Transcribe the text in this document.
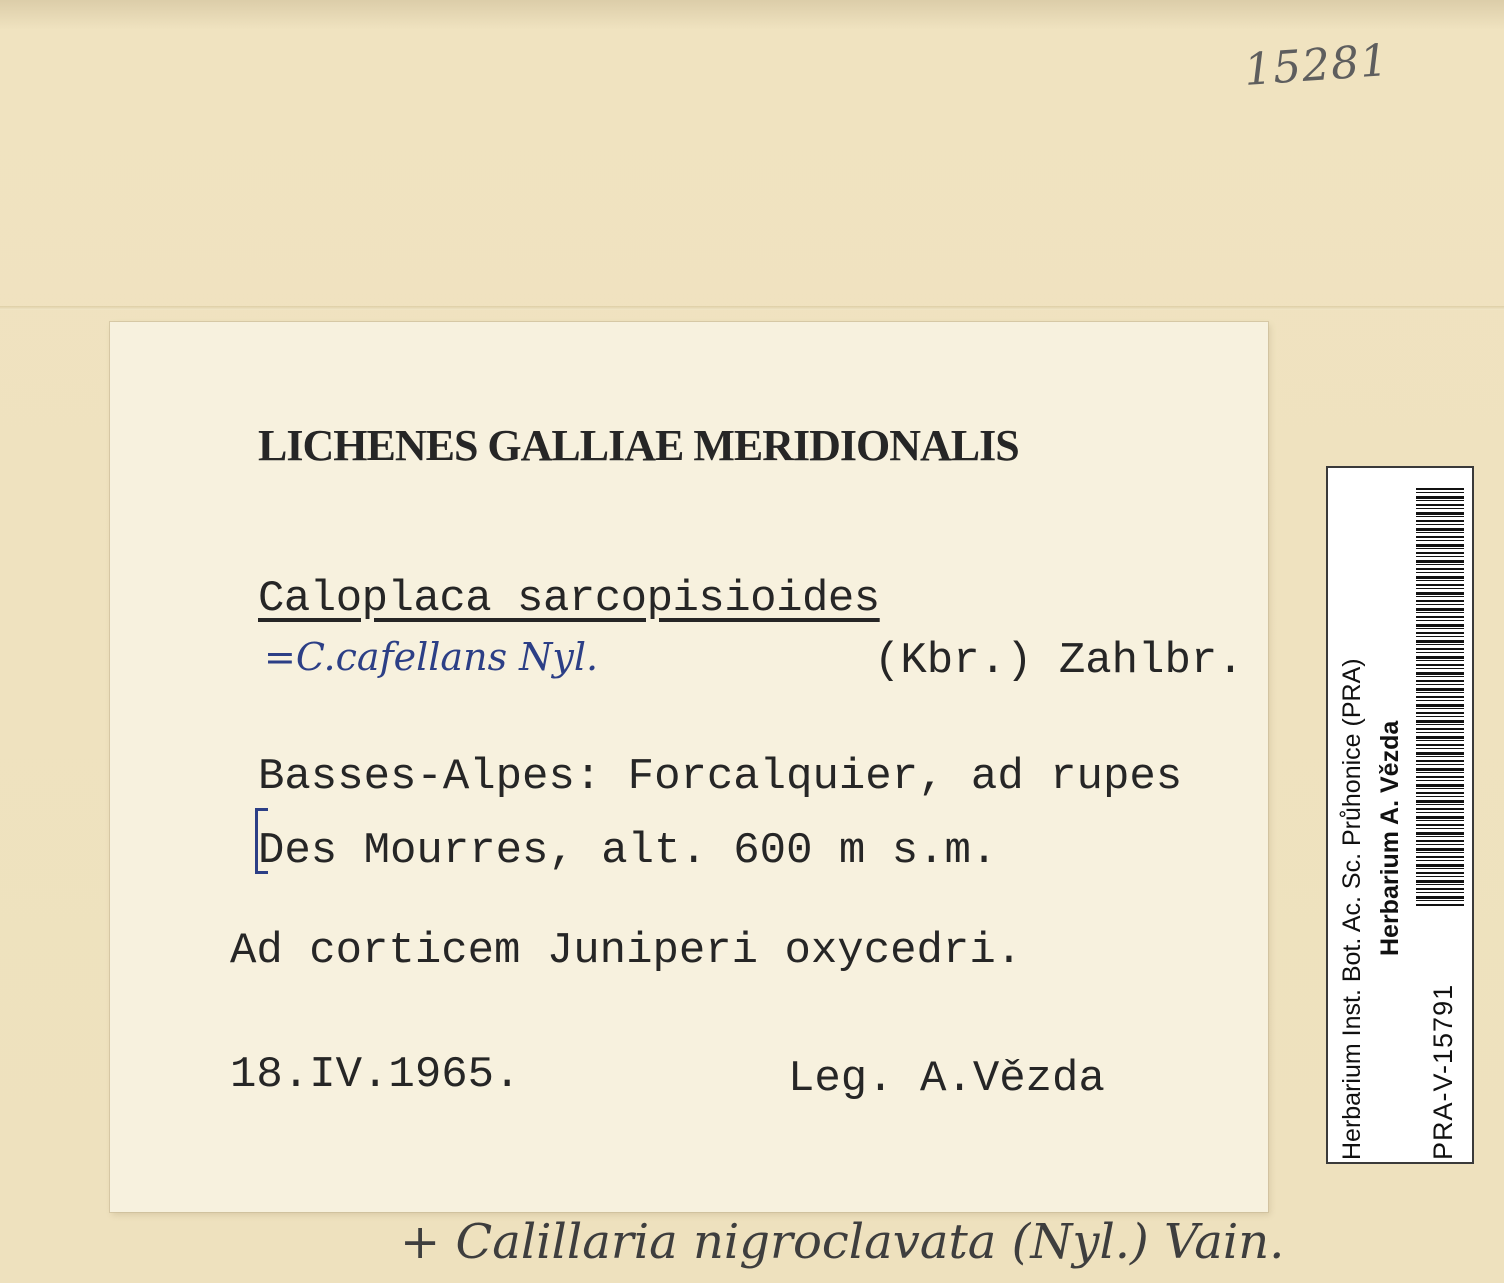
15281
LICHENES GALLIAE MERIDIONALIS
Caloplaca sarcopisioides
=C.cafellans Nyl.	(Kbr.) Zahlbr.
Basses-Alpes: Forcalquier, ad rupes
Des Mourres, alt. 600 m s.m.
Ad corticem Juniperi oxycedri.
18.IV.1965.	Leg. A.Vězda	Herbarium Inst. Bot. Ac. Sc. Průhonice (PRA) Herbarium A. Vězda
PRA-V-15791
+ Calillaria nigroclavata (Nyl.) Vain.
